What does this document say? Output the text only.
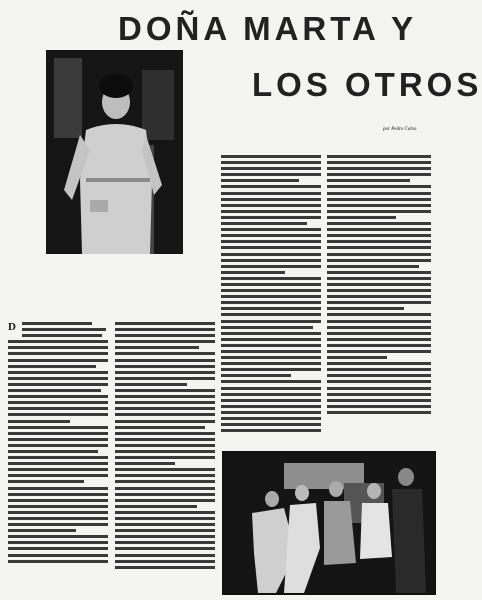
DOÑA MARTA Y
LOS OTROS
por Pedro Calvo
D
